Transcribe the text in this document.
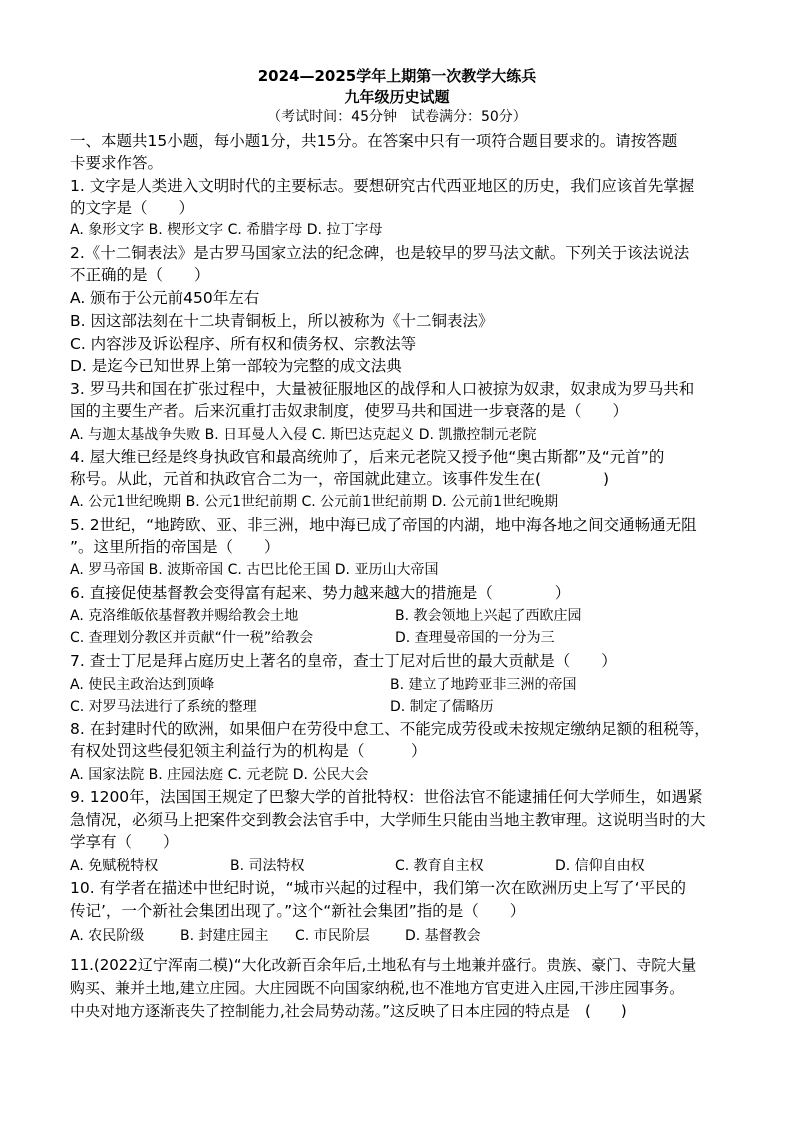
2024—2025学年上期第一次教学大练兵
九年级历史试题
（考试时间：45分钟　试卷满分：50分）
一、本题共15小题，每小题1分，共15分。在答案中只有一项符合题目要求的。请按答题
卡要求作答。
1. 文字是人类进入文明时代的主要标志。要想研究古代西亚地区的历史，我们应该首先掌握
的文字是（　　）
A. 象形文字 B. 楔形文字 C. 希腊字母 D. 拉丁字母
2.《十二铜表法》是古罗马国家立法的纪念碑，也是较早的罗马法文献。下列关于该法说法
不正确的是（　　）
A. 颁布于公元前450年左右
B. 因这部法刻在十二块青铜板上，所以被称为《十二铜表法》
C. 内容涉及诉讼程序、所有权和债务权、宗教法等
D. 是迄今已知世界上第一部较为完整的成文法典
3. 罗马共和国在扩张过程中，大量被征服地区的战俘和人口被掠为奴隶，奴隶成为罗马共和
国的主要生产者。后来沉重打击奴隶制度，使罗马共和国进一步衰落的是（　　）
A. 与迦太基战争失败 B. 日耳曼人入侵 C. 斯巴达克起义 D. 凯撒控制元老院
4. 屋大维已经是终身执政官和最高统帅了，后来元老院又授予他“奥古斯都”及“元首”的
称号。从此，元首和执政官合二为一，帝国就此建立。该事件发生在(　　　　)
A. 公元1世纪晚期 B. 公元1世纪前期 C. 公元前1世纪前期 D. 公元前1世纪晚期
5. 2世纪，“地跨欧、亚、非三洲，地中海已成了帝国的内湖，地中海各地之间交通畅通无阻
”。这里所指的帝国是（　　）
A. 罗马帝国 B. 波斯帝国 C. 古巴比伦王国 D. 亚历山大帝国
6. 直接促使基督教会变得富有起来、势力越来越大的措施是（　　　　）
A. 克洛维皈依基督教并赐给教会土地	B. 教会领地上兴起了西欧庄园
C. 查理划分教区并贡献“什一税”给教会	D. 查理曼帝国的一分为三
7. 查士丁尼是拜占庭历史上著名的皇帝，查士丁尼对后世的最大贡献是（　　）
A. 使民主政治达到顶峰	B. 建立了地跨亚非三洲的帝国
C. 对罗马法进行了系统的整理	D. 制定了儒略历
8. 在封建时代的欧洲，如果佃户在劳役中怠工、不能完成劳役或未按规定缴纳足额的租税等，
有权处罚这些侵犯领主利益行为的机构是（　　　）
A. 国家法院 B. 庄园法庭 C. 元老院 D. 公民大会
9. 1200年，法国国王规定了巴黎大学的首批特权：世俗法官不能逮捕任何大学师生，如遇紧
急情况，必须马上把案件交到教会法官手中，大学师生只能由当地主教审理。这说明当时的大
学享有（　　）
A. 免赋税特权	B. 司法特权	C. 教育自主权	D. 信仰自由权
10. 有学者在描述中世纪时说，“城市兴起的过程中，我们第一次在欧洲历史上写了‘平民的
传记’，一个新社会集团出现了。”这个“新社会集团”指的是（　　）
A. 农民阶级	B. 封建庄园主 C. 市民阶层	D. 基督教会
11.(2022辽宁浑南二模)“大化改新百余年后,土地私有与土地兼并盛行。贵族、豪门、寺院大量
购买、兼并土地,建立庄园。大庄园既不向国家纳税,也不准地方官吏进入庄园,干涉庄园事务。
中央对地方逐渐丧失了控制能力,社会局势动荡。”这反映了日本庄园的特点是　(　　)
